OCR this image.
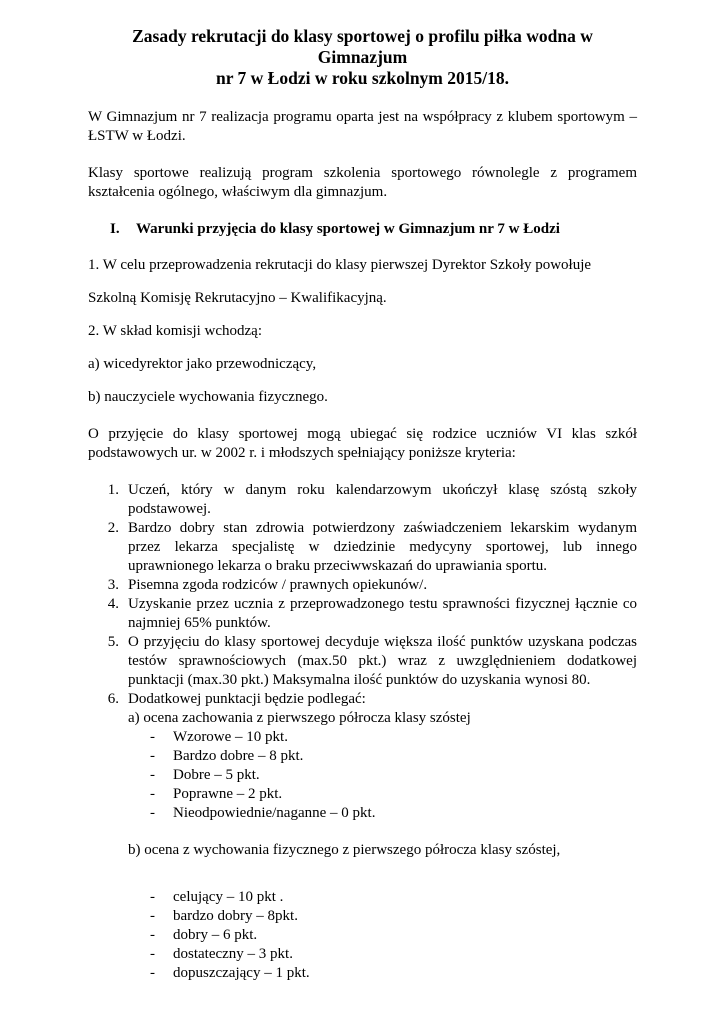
Zasady rekrutacji do klasy sportowej o profilu piłka wodna w Gimnazjum
nr 7 w Łodzi w roku szkolnym 2015/18.

W Gimnazjum nr 7 realizacja programu oparta jest na współpracy z klubem sportowym – ŁSTW w Łodzi.

Klasy sportowe realizują program szkolenia sportowego równolegle z programem kształcenia ogólnego, właściwym dla gimnazjum.

I.	Warunki przyjęcia do klasy sportowej w Gimnazjum nr 7 w Łodzi

1. W celu przeprowadzenia rekrutacji do klasy pierwszej Dyrektor Szkoły powołuje

Szkolną Komisję Rekrutacyjno – Kwalifikacyjną.

2. W skład komisji wchodzą:

a) wicedyrektor jako przewodniczący,

b) nauczyciele wychowania fizycznego.

O przyjęcie do klasy sportowej mogą ubiegać się rodzice uczniów VI klas szkół podstawowych ur. w 2002 r. i młodszych spełniający poniższe kryteria:

1. Uczeń, który w danym roku kalendarzowym ukończył klasę szóstą szkoły podstawowej.
2. Bardzo dobry stan zdrowia potwierdzony zaświadczeniem lekarskim wydanym przez lekarza specjalistę w dziedzinie medycyny sportowej, lub innego uprawnionego lekarza o braku przeciwwskazań do uprawiania sportu.
3. Pisemna zgoda rodziców / prawnych opiekunów/.
4. Uzyskanie przez ucznia z przeprowadzonego testu sprawności fizycznej łącznie co najmniej 65% punktów.
5. O przyjęciu do klasy sportowej decyduje większa ilość punktów uzyskana podczas testów sprawnościowych (max.50 pkt.) wraz z uwzględnieniem dodatkowej punktacji (max.30 pkt.) Maksymalna ilość punktów do uzyskania wynosi 80.
6. Dodatkowej punktacji będzie podlegać:

a) ocena zachowania z pierwszego półrocza klasy szóstej

-	Wzorowe – 10 pkt.
-	Bardzo dobre – 8 pkt.
-	Dobre – 5 pkt.
-	Poprawne – 2 pkt.
-	Nieodpowiednie/naganne – 0 pkt.

b) ocena z wychowania fizycznego z pierwszego półrocza klasy szóstej,

-	celujący – 10 pkt .
-	bardzo dobry – 8pkt.
-	dobry – 6 pkt.
-	dostateczny – 3 pkt.
-	dopuszczający – 1 pkt.
